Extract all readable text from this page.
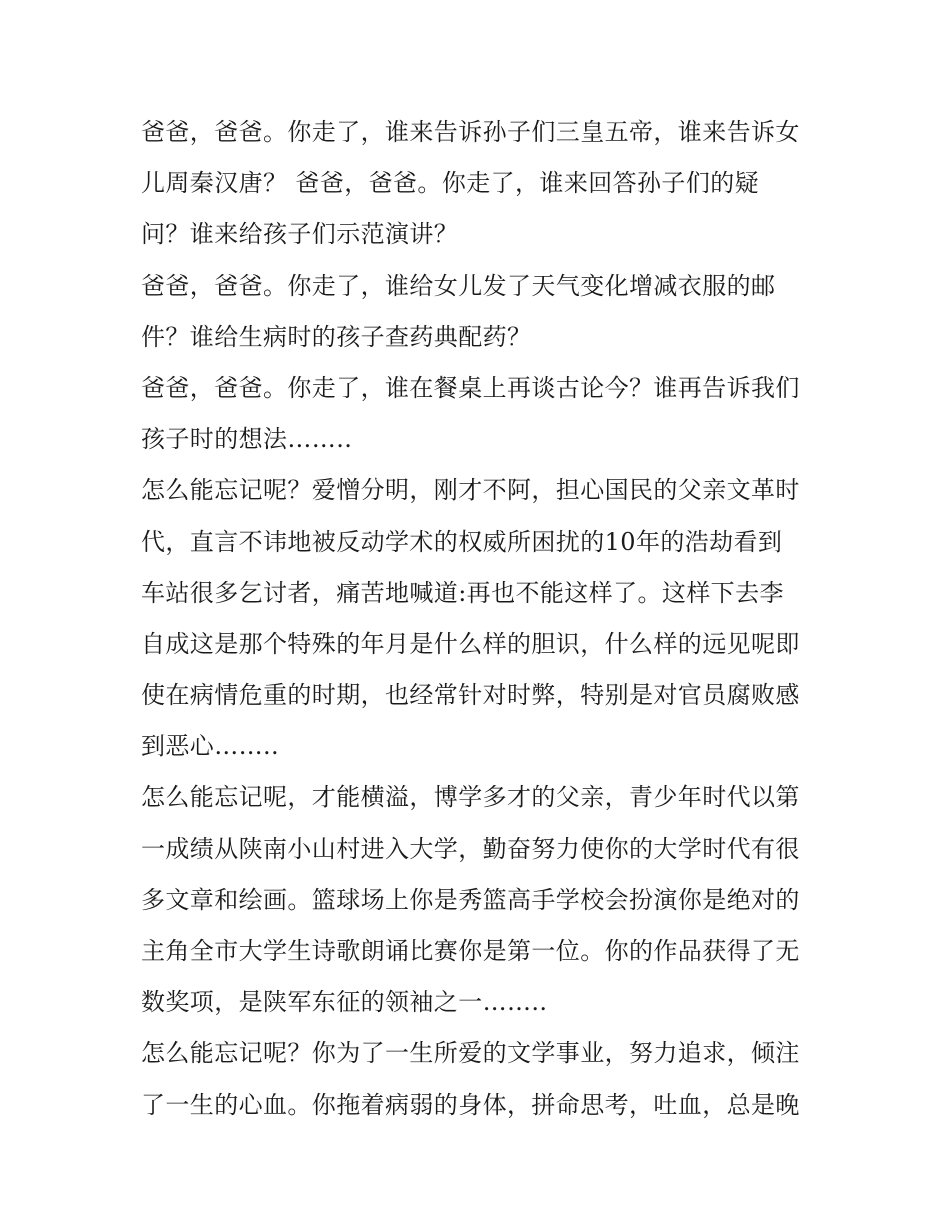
爸爸，爸爸。你走了，谁来告诉孙子们三皇五帝，谁来告诉女
儿周秦汉唐？ 爸爸，爸爸。你走了，谁来回答孙子们的疑
问？谁来给孩子们示范演讲？
爸爸，爸爸。你走了，谁给女儿发了天气变化增减衣服的邮
件？谁给生病时的孩子查药典配药？
爸爸，爸爸。你走了，谁在餐桌上再谈古论今？谁再告诉我们
孩子时的想法……..
怎么能忘记呢？爱憎分明，刚才不阿，担心国民的父亲文革时
代，直言不讳地被反动学术的权威所困扰的10年的浩劫看到
车站很多乞讨者，痛苦地喊道:再也不能这样了。这样下去李
自成这是那个特殊的年月是什么样的胆识，什么样的远见呢即
使在病情危重的时期，也经常针对时弊，特别是对官员腐败感
到恶心……..
怎么能忘记呢，才能横溢，博学多才的父亲，青少年时代以第
一成绩从陕南小山村进入大学，勤奋努力使你的大学时代有很
多文章和绘画。篮球场上你是秀篮高手学校会扮演你是绝对的
主角全市大学生诗歌朗诵比赛你是第一位。你的作品获得了无
数奖项，是陕军东征的领袖之一……..
怎么能忘记呢？你为了一生所爱的文学事业，努力追求，倾注
了一生的心血。你拖着病弱的身体，拼命思考，吐血，总是晚
